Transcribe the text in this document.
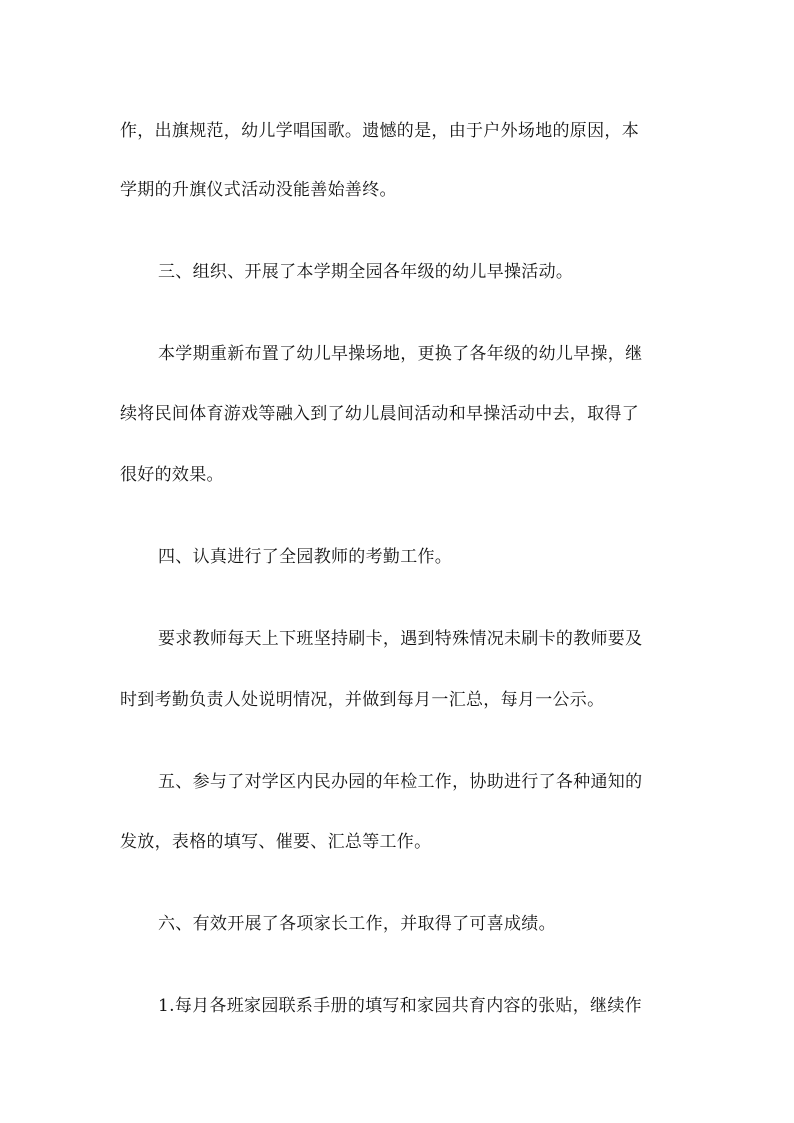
作，出旗规范，幼儿学唱国歌。遗憾的是，由于户外场地的原因，本
学期的升旗仪式活动没能善始善终。
三、组织、开展了本学期全园各年级的幼儿早操活动。
本学期重新布置了幼儿早操场地，更换了各年级的幼儿早操，继
续将民间体育游戏等融入到了幼儿晨间活动和早操活动中去，取得了
很好的效果。
四、认真进行了全园教师的考勤工作。
要求教师每天上下班坚持刷卡，遇到特殊情况未刷卡的教师要及
时到考勤负责人处说明情况，并做到每月一汇总，每月一公示。
五、参与了对学区内民办园的年检工作，协助进行了各种通知的
发放，表格的填写、催要、汇总等工作。
六、有效开展了各项家长工作，并取得了可喜成绩。
1.每月各班家园联系手册的填写和家园共育内容的张贴，继续作
